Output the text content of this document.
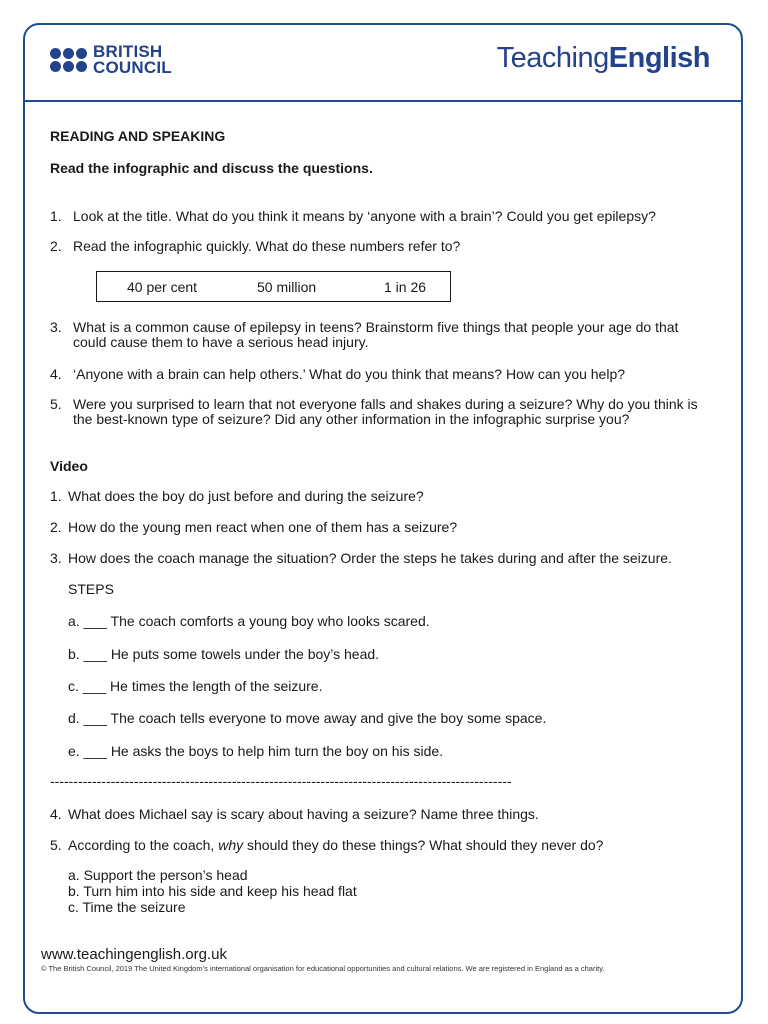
BRITISH
COUNCIL	TeachingEnglish
READING AND SPEAKING
Read the infographic and discuss the questions.
1. Look at the title. What do you think it means by ‘anyone with a brain’? Could you get epilepsy?
2. Read the infographic quickly. What do these numbers refer to?
40 per cent	50 million	1 in 26
3. What is a common cause of epilepsy in teens? Brainstorm five things that people your age do that
could cause them to have a serious head injury.
4. ‘Anyone with a brain can help others.’ What do you think that means? How can you help?
5. Were you surprised to learn that not everyone falls and shakes during a seizure? Why do you think is
the best-known type of seizure? Did any other information in the infographic surprise you?
Video
1. What does the boy do just before and during the seizure?
2. How do the young men react when one of them has a seizure?
3. How does the coach manage the situation? Order the steps he takes during and after the seizure.
STEPS
a. ___ The coach comforts a young boy who looks scared.
b. ___ He puts some towels under the boy’s head.
c. ___ He times the length of the seizure.
d. ___ The coach tells everyone to move away and give the boy some space.
e. ___ He asks the boys to help him turn the boy on his side.
---------------------------------------------------------------------------------------------------
4. What does Michael say is scary about having a seizure? Name three things.
5. According to the coach, why should they do these things? What should they never do?
a. Support the person’s head
b. Turn him into his side and keep his head flat
c. Time the seizure
www.teachingenglish.org.uk
© The British Council, 2019 The United Kingdom’s international organisation for educational opportunities and cultural relations. We are registered in England as a charity.
